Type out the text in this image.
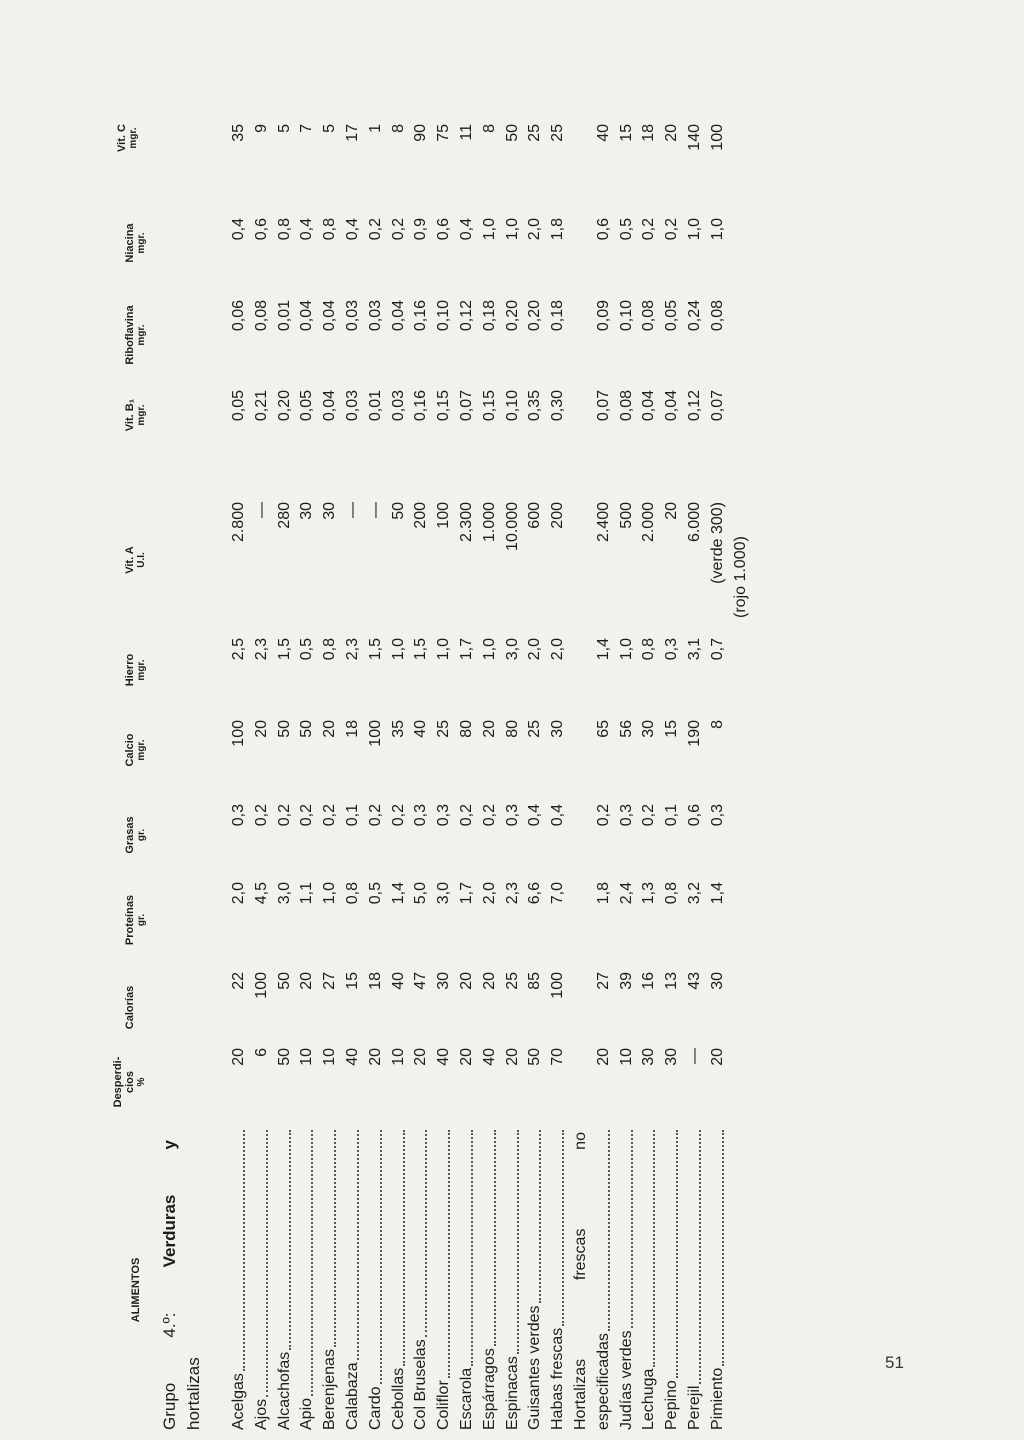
ALIMENTOS
Grupo
4.º:
Verduras
y
hortalizas
Desperdi- cios %
Calorías
Proteínas gr.
Grasas gr.
Calcio mgr.
Hierro mgr.
Vit. A U.I.
Vit. B₁ mgr.
Riboflavina mgr.
Niacina mgr.
Vit. C mgr.
Acelgas
20
22
2,0
0,3
100
2,5
2.800
0,05
0,06
0,4
35
Ajos
6
100
4,5
0,2
20
2,3
—
0,21
0,08
0,6
9
Alcachofas
50
50
3,0
0,2
50
1,5
280
0,20
0,01
0,8
5
Apio
10
20
1,1
0,2
50
0,5
30
0,05
0,04
0,4
7
Berenjenas
10
27
1,0
0,2
20
0,8
30
0,04
0,04
0,8
5
Calabaza
40
15
0,8
0,1
18
2,3
—
0,03
0,03
0,4
17
Cardo
20
18
0,5
0,2
100
1,5
—
0,01
0,03
0,2
1
Cebollas
10
40
1,4
0,2
35
1,0
50
0,03
0,04
0,2
8
Col Bruselas
20
47
5,0
0,3
40
1,5
200
0,16
0,16
0,9
90
Coliflor
40
30
3,0
0,3
25
1,0
100
0,15
0,10
0,6
75
Escarola
20
20
1,7
0,2
80
1,7
2.300
0,07
0,12
0,4
11
Espárragos
40
20
2,0
0,2
20
1,0
1.000
0,15
0,18
1,0
8
Espinacas
20
25
2,3
0,3
80
3,0
10.000
0,10
0,20
1,0
50
Guisantes verdes
50
85
6,6
0,4
25
2,0
600
0,35
0,20
2,0
25
Habas frescas
70
100
7,0
0,4
30
2,0
200
0,30
0,18
1,8
25
Hortalizas
frescas
no
especificadas
20
27
1,8
0,2
65
1,4
2.400
0,07
0,09
0,6
40
Judías verdes
10
39
2,4
0,3
56
1,0
500
0,08
0,10
0,5
15
Lechuga
30
16
1,3
0,2
30
0,8
2.000
0,04
0,08
0,2
18
Pepino
30
13
0,8
0,1
15
0,3
20
0,04
0,05
0,2
20
Perejil
—
43
3,2
0,6
190
3,1
6.000
0,12
0,24
1,0
140
Pimiento
20
30
1,4
0,3
8
0,7
(verde 300)
0,07
0,08
1,0
100
(rojo 1.000)
51
